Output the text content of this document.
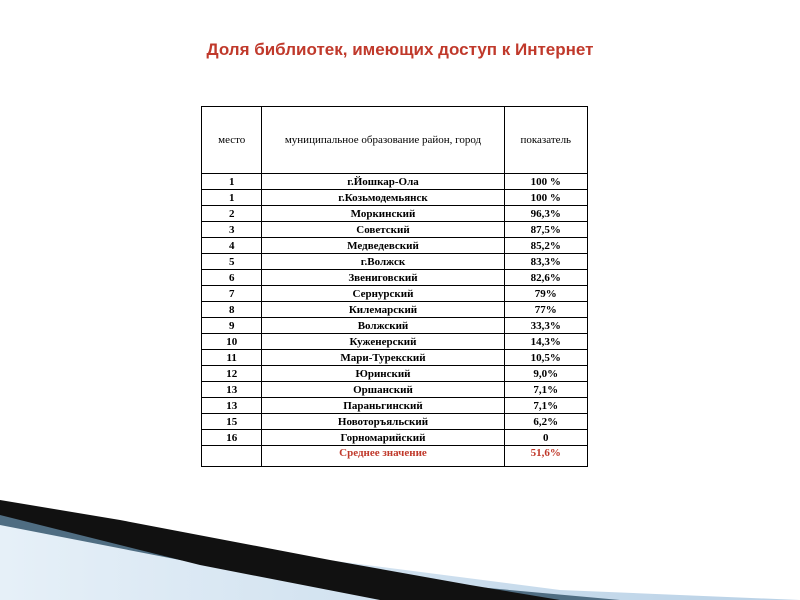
Доля библиотек, имеющих доступ к Интернет
место	муниципальное образование район, город	показатель
1	г.Йошкар-Ола	100 %
1	г.Козьмодемьянск	100 %
2	Моркинский	96,3%
3	Советский	87,5%
4	Медведевский	85,2%
5	г.Волжск	83,3%
6	Звениговский	82,6%
7	Сернурский	79%
8	Килемарский	77%
9	Волжский	33,3%
10	Куженерский	14,3%
11	Мари-Турекский	10,5%
12	Юринский	9,0%
13	Оршанский	7,1%
13	Параньгинский	7,1%
15	Новоторъяльский	6,2%
16	Горномарийский	0
	Среднее значение	51,6%
